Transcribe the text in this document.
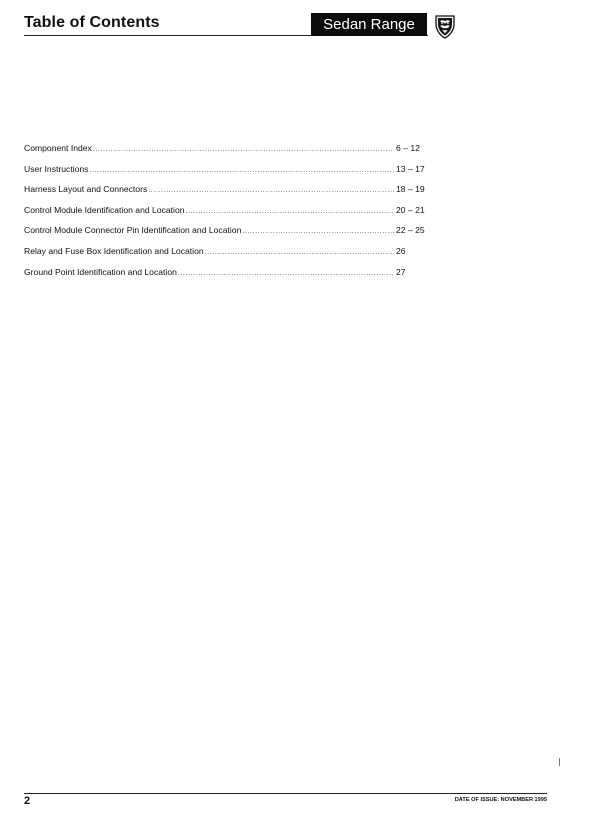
Table of Contents	Sedan Range 1996
Component Index .....	6 – 12
User Instructions .....	13 – 17
Harness Layout and Connectors .....	18 – 19
Control Module Identification and Location .....	20 – 21
Control Module Connector Pin Identification and Location .....	22 – 25
Relay and Fuse Box Identification and Location .....	26
Ground Point Identification and Location .....	27
2	DATE OF ISSUE: NOVEMBER 1995
